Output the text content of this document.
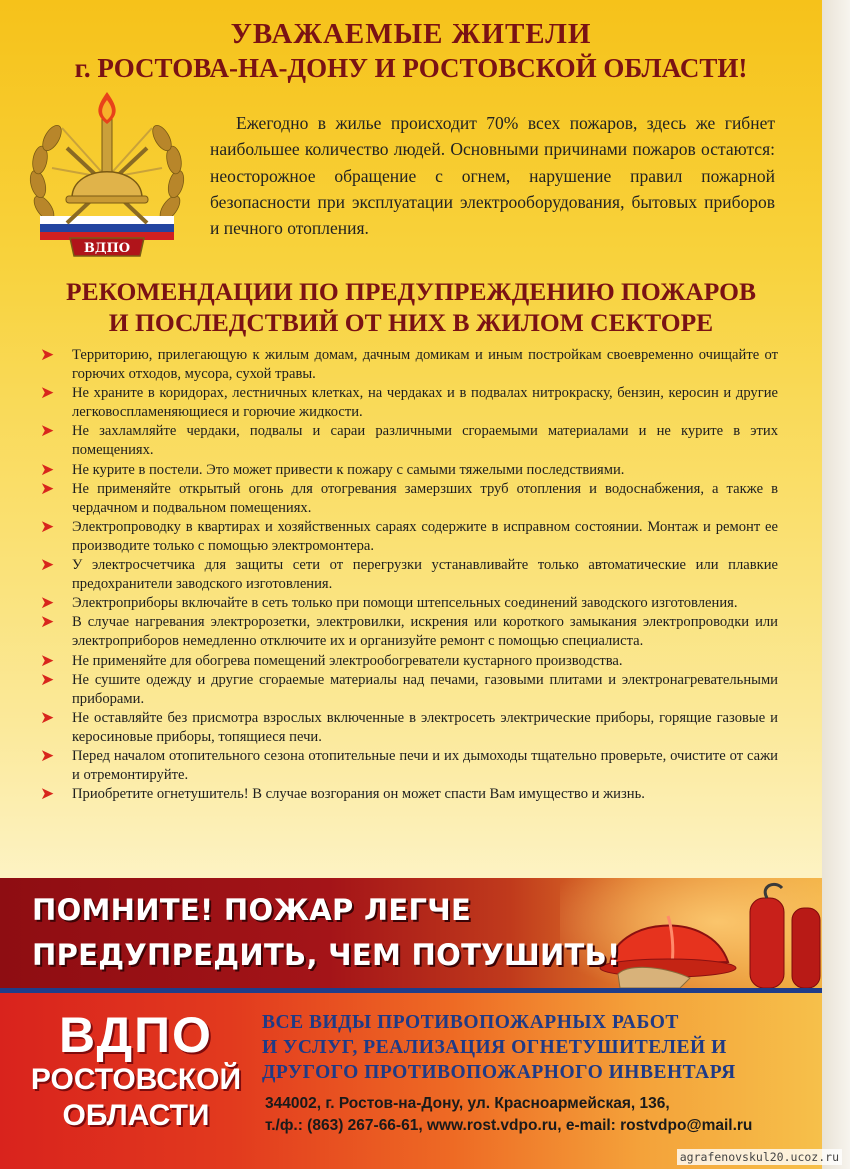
УВАЖАЕМЫЕ ЖИТЕЛИ
г. РОСТОВА-НА-ДОНУ И РОСТОВСКОЙ ОБЛАСТИ!
ВДПО

Ежегодно в жилье происходит 70% всех пожаров, здесь же гибнет наибольшее количество людей. Основными причинами пожаров остаются: неосторожное обращение с огнем, нарушение правил пожарной безопасности при эксплуатации электрооборудования, бытовых приборов и печного отопления.

РЕКОМЕНДАЦИИ ПО ПРЕДУПРЕЖДЕНИЮ ПОЖАРОВ
И ПОСЛЕДСТВИЙ ОТ НИХ В ЖИЛОМ СЕКТОРЕ
➤ Территорию, прилегающую к жилым домам, дачным домикам и иным постройкам своевременно очищайте от горючих отходов, мусора, сухой травы.
➤ Не храните в коридорах, лестничных клетках, на чердаках и в подвалах нитрокраску, бензин, керосин и другие легковоспламеняющиеся и горючие жидкости.
➤ Не захламляйте чердаки, подвалы и сараи различными сгораемыми материалами и не курите в этих помещениях.
➤ Не курите в постели. Это может привести к пожару с самыми тяжелыми последствиями.
➤ Не применяйте открытый огонь для отогревания замерзших труб отопления и водоснабжения, а также в чердачном и подвальном помещениях.
➤ Электропроводку в квартирах и хозяйственных сараях содержите в исправном состоянии. Монтаж и ремонт ее производите только с помощью электромонтера.
➤ У электросчетчика для защиты сети от перегрузки устанавливайте только автоматические или плавкие предохранители заводского изготовления.
➤ Электроприборы включайте в сеть только при помощи штепсельных соединений заводского изготовления.
➤ В случае нагревания электророзетки, электровилки, искрения или короткого замыкания электропроводки или электроприборов немедленно отключите их и организуйте ремонт с помощью специалиста.
➤ Не применяйте для обогрева помещений электрообогреватели кустарного производства.
➤ Не сушите одежду и другие сгораемые материалы над печами, газовыми плитами и электронагревательными приборами.
➤ Не оставляйте без присмотра взрослых включенные в электросеть электрические приборы, горящие газовые и керосиновые приборы, топящиеся печи.
➤ Перед началом отопительного сезона отопительные печи и их дымоходы тщательно проверьте, очистите от сажи и отремонтируйте.
➤ Приобретите огнетушитель! В случае возгорания он может спасти Вам имущество и жизнь.

ПОМНИТЕ! ПОЖАР ЛЕГЧЕ

ПРЕДУПРЕДИТЬ, ЧЕМ ПОТУШИТЬ!

ВДПО

РОСТОВСКОЙ

ОБЛАСТИ

ВСЕ ВИДЫ ПРОТИВОПОЖАРНЫХ РАБОТ

И УСЛУГ, РЕАЛИЗАЦИЯ ОГНЕТУШИТЕЛЕЙ И

ДРУГОГО ПРОТИВОПОЖАРНОГО ИНВЕНТАРЯ

344002, г. Ростов-на-Дону, ул. Красноармейская, 136,

т./ф.: (863) 267-66-61, www.rost.vdpo.ru, e-mail: rostvdpo@mail.ru

agrafenovskul20.ucoz.ru
